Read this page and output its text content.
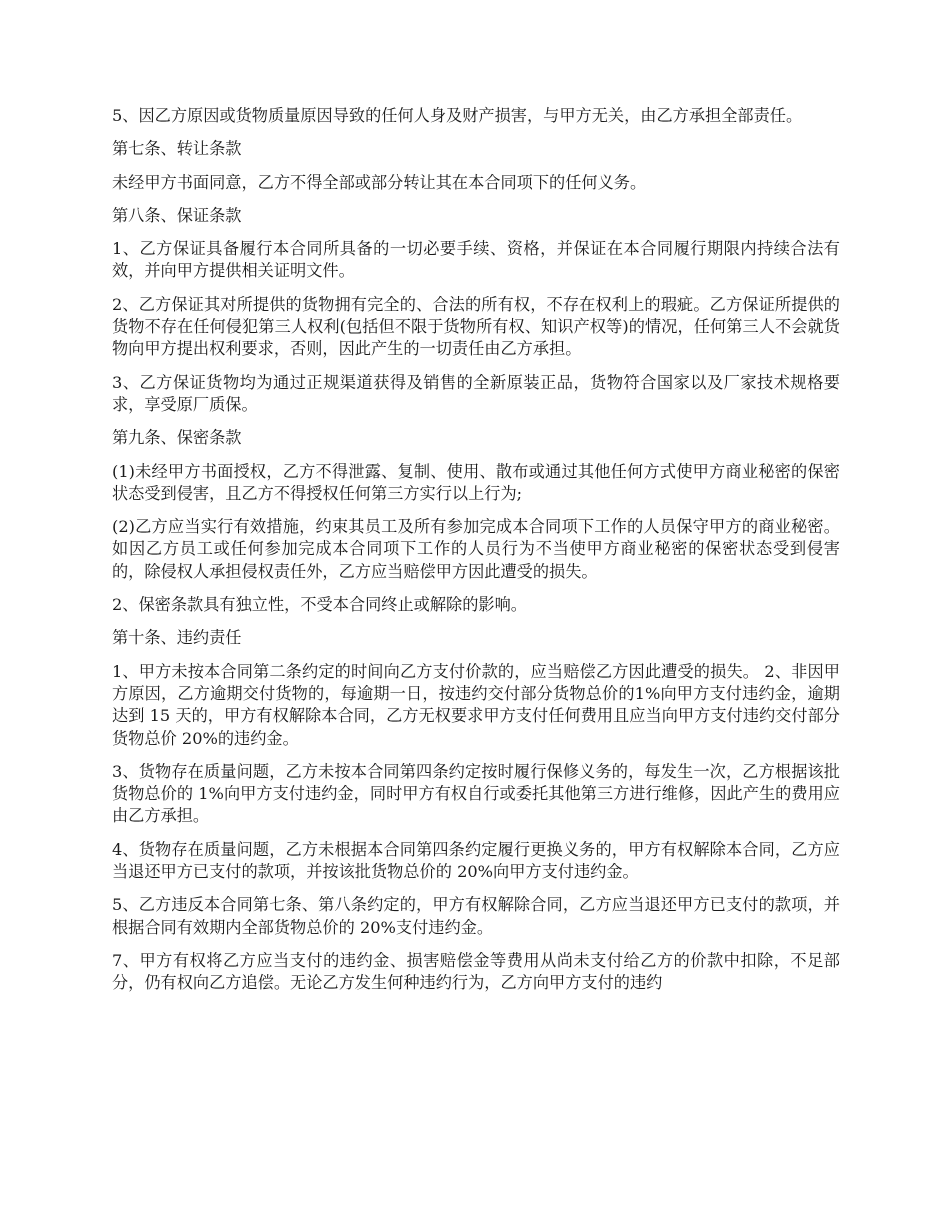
5、因乙方原因或货物质量原因导致的任何人身及财产损害，与甲方无关，由乙方承担全部责任。

第七条、转让条款

未经甲方书面同意，乙方不得全部或部分转让其在本合同项下的任何义务。

第八条、保证条款

1、乙方保证具备履行本合同所具备的一切必要手续、资格，并保证在本合同履行期限内持续合法有效，并向甲方提供相关证明文件。

2、乙方保证其对所提供的货物拥有完全的、合法的所有权，不存在权利上的瑕疵。乙方保证所提供的货物不存在任何侵犯第三人权利(包括但不限于货物所有权、知识产权等)的情况，任何第三人不会就货物向甲方提出权利要求，否则，因此产生的一切责任由乙方承担。

3、乙方保证货物均为通过正规渠道获得及销售的全新原装正品，货物符合国家以及厂家技术规格要求，享受原厂质保。

第九条、保密条款

(1)未经甲方书面授权，乙方不得泄露、复制、使用、散布或通过其他任何方式使甲方商业秘密的保密状态受到侵害，且乙方不得授权任何第三方实行以上行为;

(2)乙方应当实行有效措施，约束其员工及所有参加完成本合同项下工作的人员保守甲方的商业秘密。如因乙方员工或任何参加完成本合同项下工作的人员行为不当使甲方商业秘密的保密状态受到侵害的，除侵权人承担侵权责任外，乙方应当赔偿甲方因此遭受的损失。

2、保密条款具有独立性，不受本合同终止或解除的影响。

第十条、违约责任

1、甲方未按本合同第二条约定的时间向乙方支付价款的，应当赔偿乙方因此遭受的损失。 2、非因甲方原因，乙方逾期交付货物的，每逾期一日，按违约交付部分货物总价的1%向甲方支付违约金，逾期达到 15 天的，甲方有权解除本合同，乙方无权要求甲方支付任何费用且应当向甲方支付违约交付部分货物总价 20%的违约金。

3、货物存在质量问题，乙方未按本合同第四条约定按时履行保修义务的，每发生一次，乙方根据该批货物总价的 1%向甲方支付违约金，同时甲方有权自行或委托其他第三方进行维修，因此产生的费用应由乙方承担。

4、货物存在质量问题，乙方未根据本合同第四条约定履行更换义务的，甲方有权解除本合同，乙方应当退还甲方已支付的款项，并按该批货物总价的 20%向甲方支付违约金。

5、乙方违反本合同第七条、第八条约定的，甲方有权解除合同，乙方应当退还甲方已支付的款项，并根据合同有效期内全部货物总价的 20%支付违约金。

7、甲方有权将乙方应当支付的违约金、损害赔偿金等费用从尚未支付给乙方的价款中扣除，不足部分，仍有权向乙方追偿。无论乙方发生何种违约行为，乙方向甲方支付的违约
